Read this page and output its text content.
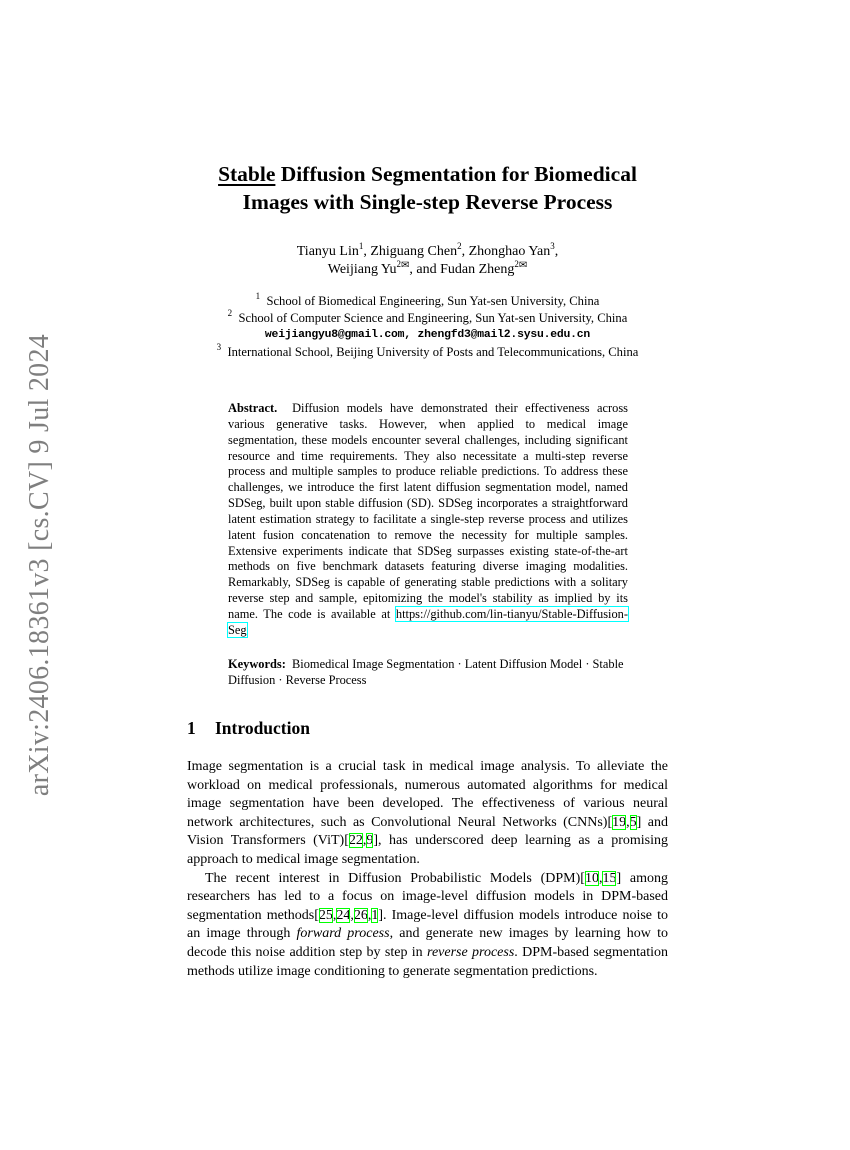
arXiv:2406.18361v3 [cs.CV] 9 Jul 2024
Stable Diffusion Segmentation for Biomedical
Images with Single-step Reverse Process
Tianyu Lin$^1$, Zhiguang Chen$^2$, Zhonghao Yan$^3$,
Weijiang $Yu^{2✉}$, and Fudan Zheng$^{2✉}$
$^1$ School of Biomedical Engineering, Sun Yat-sen University, China
$^2$ School of Computer Science and Engineering, Sun Yat-sen University, China
weijiangyu8@gmail.com, zhengfd3@mail2.sysu.edu.cn
$^3$ International School, Beijing University of Posts and Telecommunications, China
Abstract. Diffusion models have demonstrated their effectiveness across various generative tasks. However, when applied to medical image segmentation, these models encounter several challenges, including significant resource and time requirements. They also necessitate a multi-step reverse process and multiple samples to produce reliable predictions. To address these challenges, we introduce the first latent diffusion segmentation model, named SDSeg, built upon stable diffusion (SD). SDSeg incorporates a straightforward latent estimation strategy to facilitate a single-step reverse process and utilizes latent fusion concatenation to remove the necessity for multiple samples. Extensive experiments indicate that SDSeg surpasses existing state-of-the-art methods on five benchmark datasets featuring diverse imaging modalities. Remarkably, SDSeg is capable of generating stable predictions with a solitary reverse step and sample, epitomizing the model's stability as implied by its name. The code is available at https://github.com/lin-tianyu/Stable-Diffusion-Seg
Keywords: Biomedical Image Segmentation · Latent Diffusion Model · Stable Diffusion · Reverse Process
1 Introduction

Image segmentation is a crucial task in medical image analysis. To alleviate the workload on medical professionals, numerous automated algorithms for medical image segmentation have been developed. The effectiveness of various neural network architectures, such as Convolutional Neural Networks (CNNs)[19,5] and Vision Transformers (ViT)[22,9], has underscored deep learning as a promising approach to medical image segmentation.

The recent interest in Diffusion Probabilistic Models (DPM)[10,15] among researchers has led to a focus on image-level diffusion models in DPM-based segmentation methods[25,24,26,1]. Image-level diffusion models introduce noise to an image through forward process, and generate new images by learning how to decode this noise addition step by step in reverse process. DPM-based segmentation methods utilize image conditioning to generate segmentation predictions.
